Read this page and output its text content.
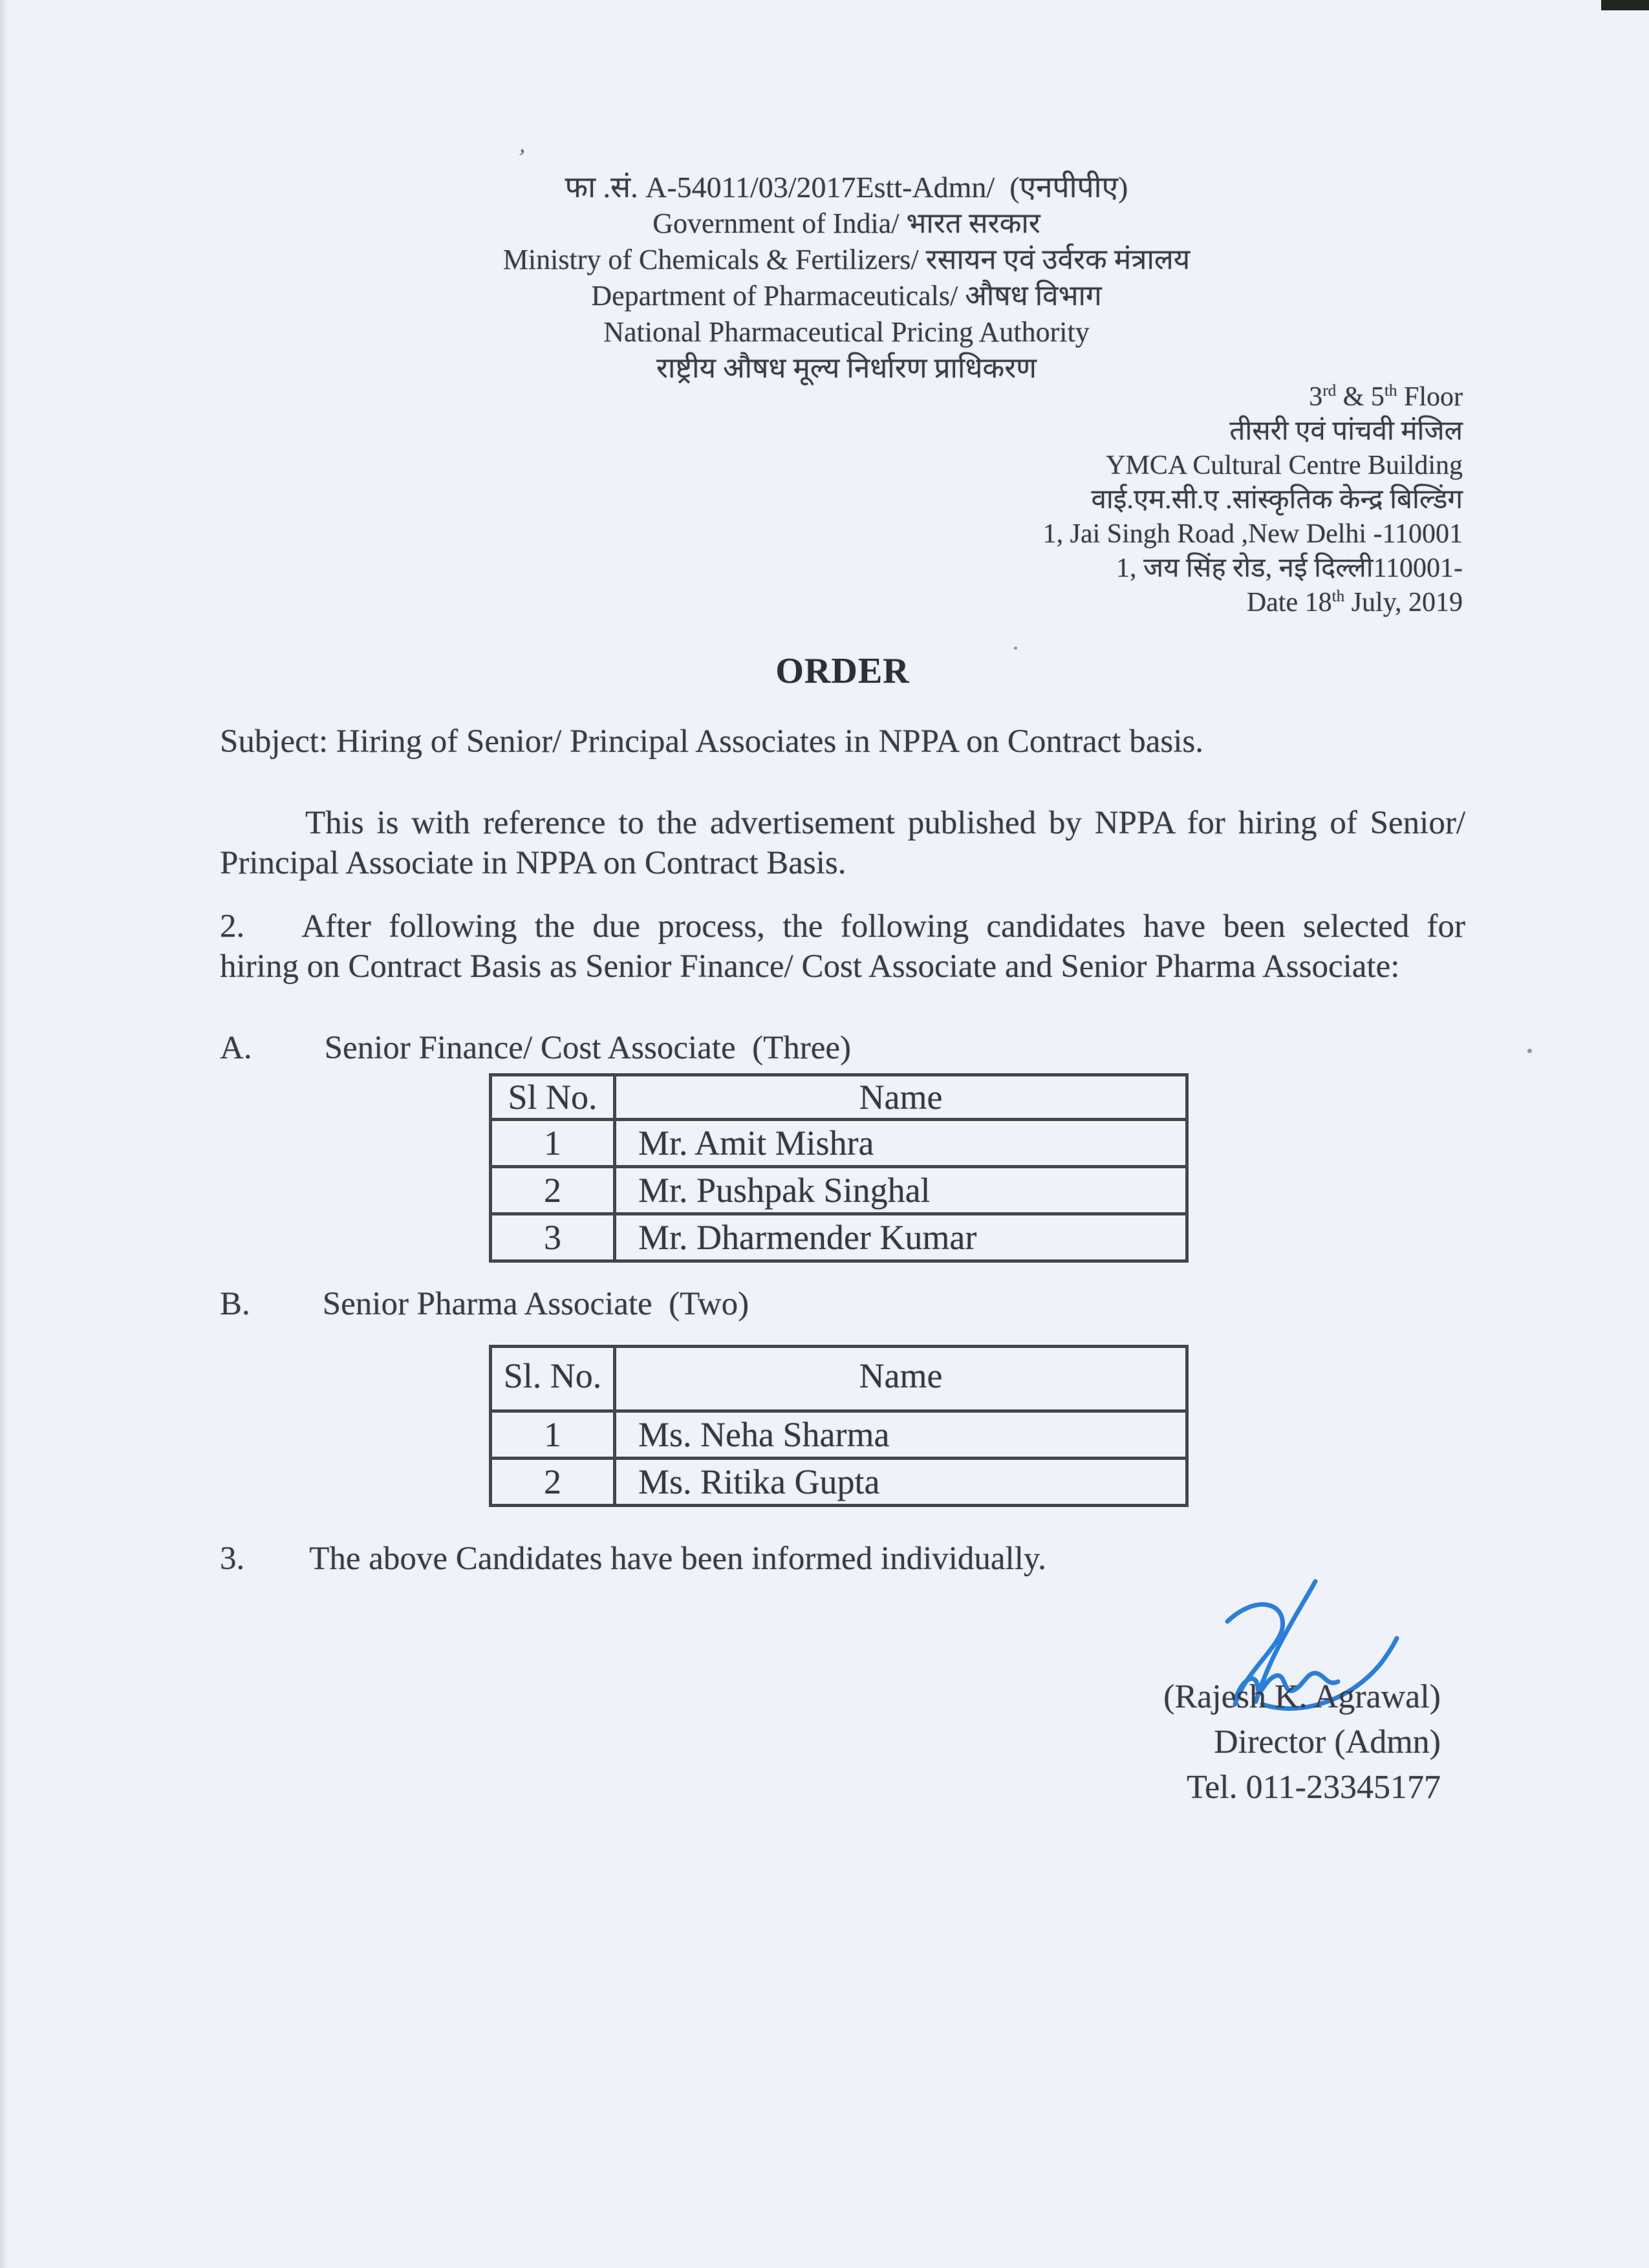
ʼ
फा .सं. A-54011/03/2017Estt-Admn/  (एनपीपीए)
Government of India/ भारत सरकार
Ministry of Chemicals & Fertilizers/ रसायन एवं उर्वरक मंत्रालय
Department of Pharmaceuticals/ औषध विभाग
National Pharmaceutical Pricing Authority
राष्ट्रीय औषध मूल्य निर्धारण प्राधिकरण
3rd & 5th Floor
तीसरी एवं पांचवी मंजिल
YMCA Cultural Centre Building
वाई.एम.सी.ए .सांस्कृतिक केन्द्र बिल्डिंग
1, Jai Singh Road ,New Delhi -110001
1, जय सिंह रोड, नई दिल्ली110001-
Date 18th July, 2019
ORDER
Subject: Hiring of Senior/ Principal Associates in NPPA on Contract basis.
This is with reference to the advertisement published by NPPA for hiring of Senior/
Principal Associate in NPPA on Contract Basis.
2. After following the due process, the following candidates have been selected for
hiring on Contract Basis as Senior Finance/ Cost Associate and Senior Pharma Associate:
A. Senior Finance/ Cost Associate  (Three)
Sl No.	Name
1	Mr. Amit Mishra
2	Mr. Pushpak Singhal
3	Mr. Dharmender Kumar
B. Senior Pharma Associate  (Two)
Sl. No.	Name
1	Ms. Neha Sharma
2	Ms. Ritika Gupta
3. The above Candidates have been informed individually.
(Rajesh K. Agrawal)
Director (Admn)
Tel. 011-23345177
